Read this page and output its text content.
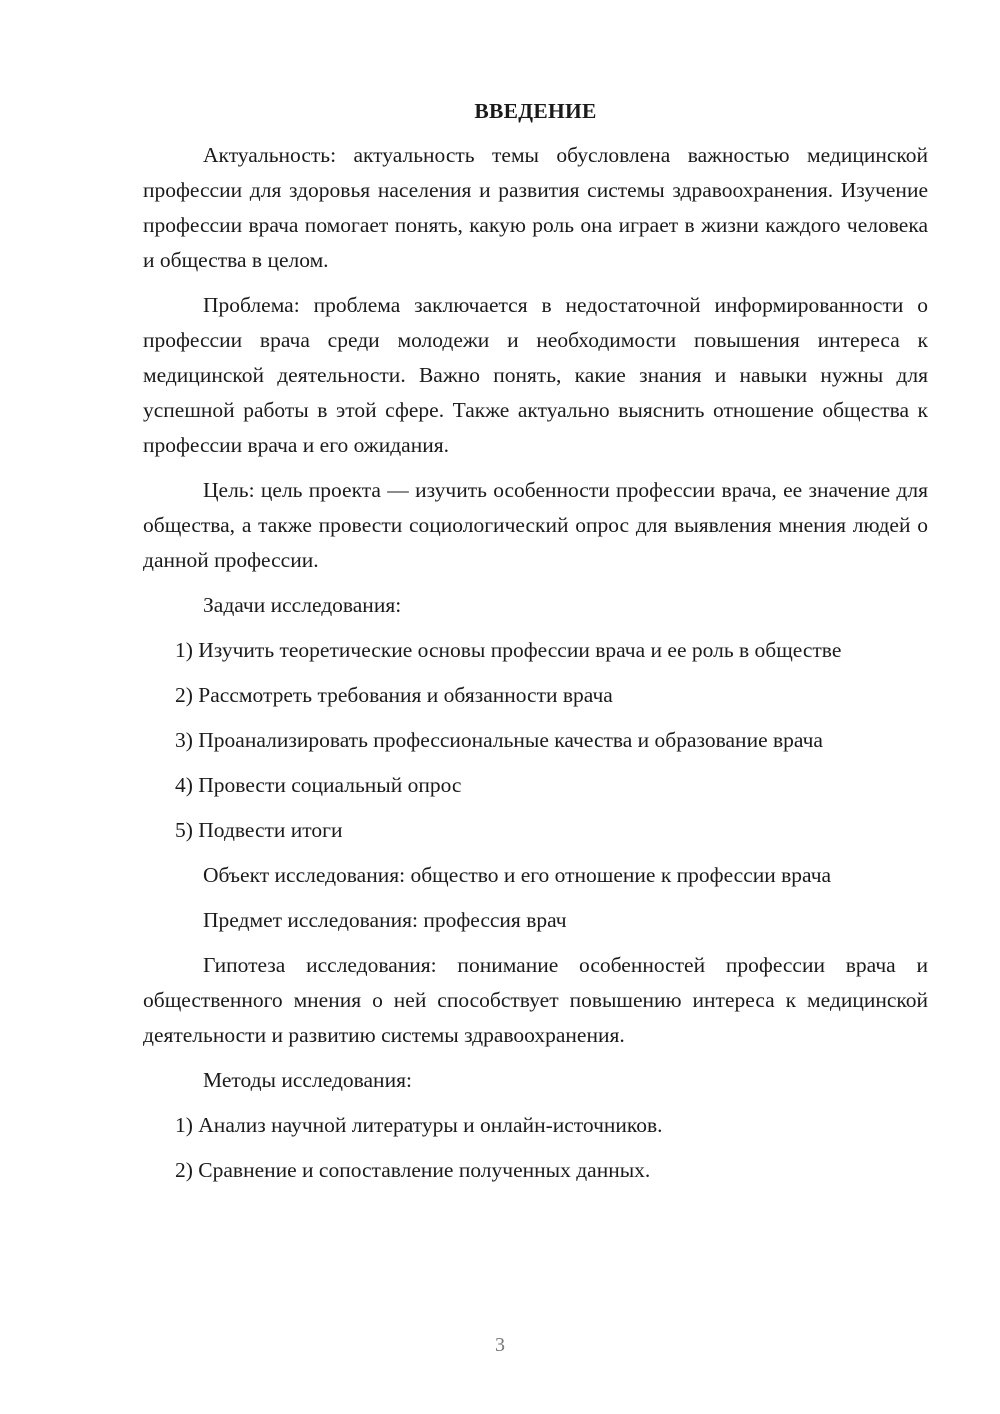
ВВЕДЕНИЕ

Актуальность: актуальность темы обусловлена важностью медицинской профессии для здоровья населения и развития системы здравоохранения. Изучение профессии врача помогает понять, какую роль она играет в жизни каждого человека и общества в целом.

Проблема: проблема заключается в недостаточной информированности о профессии врача среди молодежи и необходимости повышения интереса к медицинской деятельности. Важно понять, какие знания и навыки нужны для успешной работы в этой сфере. Также актуально выяснить отношение общества к профессии врача и его ожидания.

Цель: цель проекта — изучить особенности профессии врача, ее значение для общества, а также провести социологический опрос для выявления мнения людей о данной профессии.

Задачи исследования:

1) Изучить теоретические основы профессии врача и ее роль в обществе

2) Рассмотреть требования и обязанности врача

3) Проанализировать профессиональные качества и образование врача

4) Провести социальный опрос

5) Подвести итоги

Объект исследования: общество и его отношение к профессии врача

Предмет исследования: профессия врач

Гипотеза исследования: понимание особенностей профессии врача и общественного мнения о ней способствует повышению интереса к медицинской деятельности и развитию системы здравоохранения.

Методы исследования:

1) Анализ научной литературы и онлайн-источников.

2) Сравнение и сопоставление полученных данных.

3
